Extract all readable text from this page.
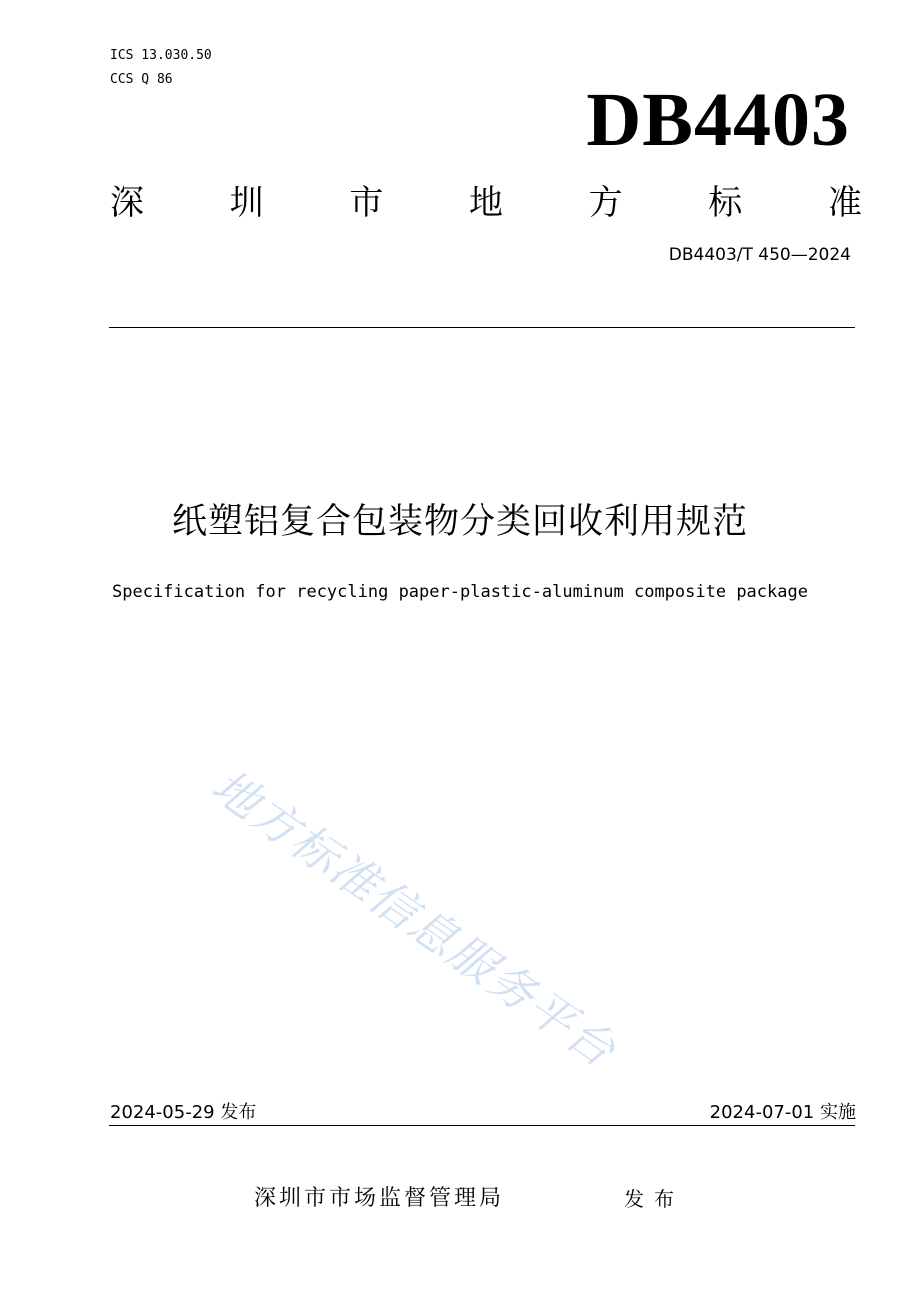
ICS 13.030.50
CCS Q 86	DB4403
深	圳	市	地	方	标	准
DB4403/T 450—2024
纸塑铝复合包装物分类回收利用规范
Specification for recycling paper-plastic-aluminum composite package
地方标准信息服务平台
2024-05-29 发布	2024-07-01 实施
深圳市市场监督管理局	发布
